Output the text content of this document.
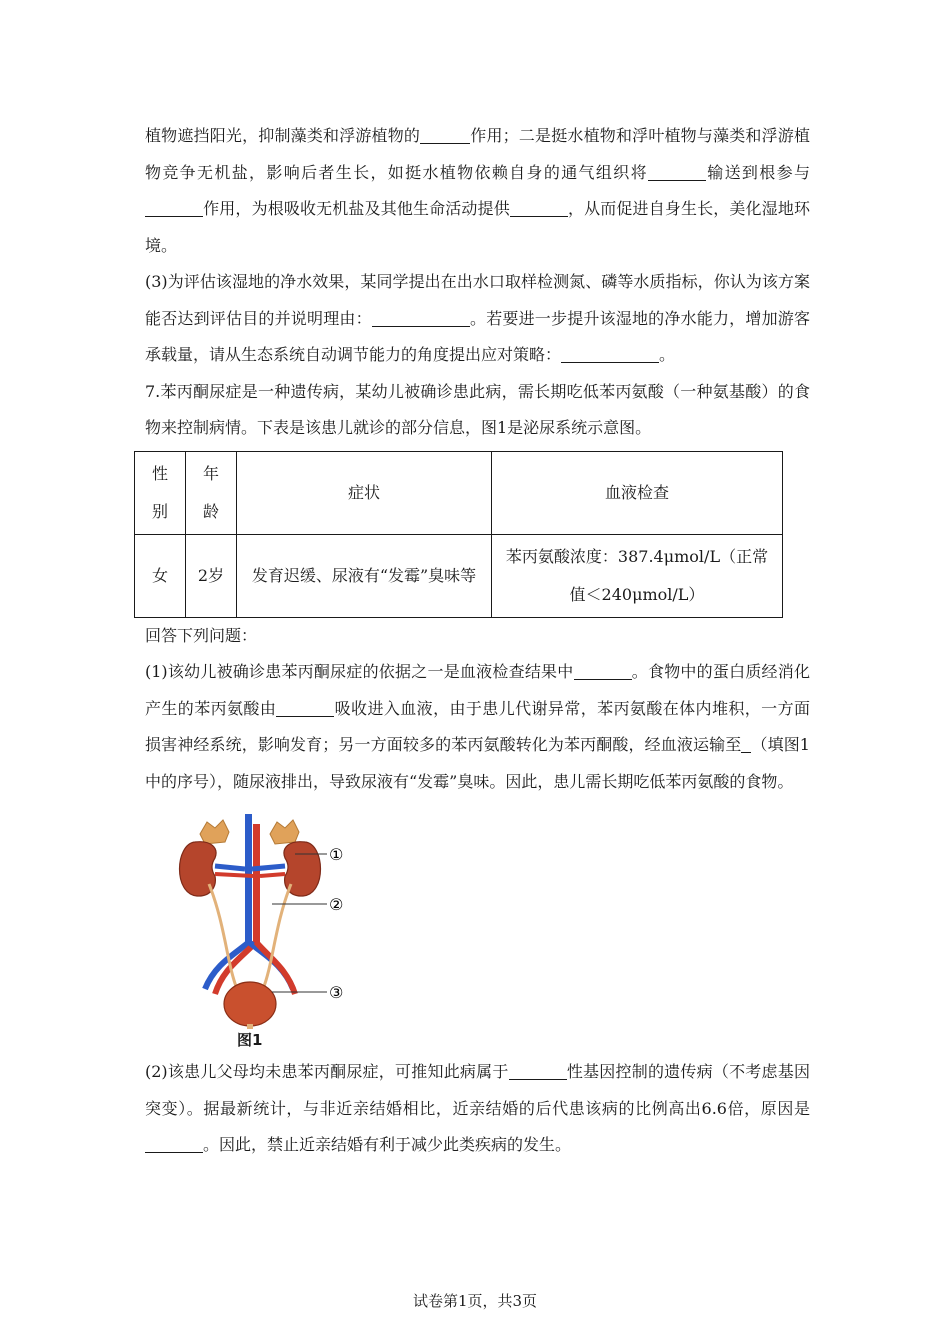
植物遮挡阳光，抑制藻类和浮游植物的	作用；二是挺水植物和浮叶植物与藻类和浮游植物竞争无机盐，影响后者生长，如挺水植物依赖自身的通气组织将	输送到根参与作用，为根吸收无机盐及其他生命活动提供	，从而促进自身生长，美化湿地环境。

(3)为评估该湿地的净水效果，某同学提出在出水口取样检测氮、磷等水质指标，你认为该方案能否达到评估目的并说明理由：	。若要进一步提升该湿地的净水能力，增加游客承载量，请从生态系统自动调节能力的角度提出应对策略：	。

7.苯丙酮尿症是一种遗传病，某幼儿被确诊患此病，需长期吃低苯丙氨酸（一种氨基酸）的食物来控制病情。下表是该患儿就诊的部分信息，图1是泌尿系统示意图。

性别	年龄	症状	血液检查
女	2岁	发育迟缓、尿液有“发霉”臭味等	苯丙氨酸浓度：387.4μmol/L（正常值＜240μmol/L）

回答下列问题：

(1)该幼儿被确诊患苯丙酮尿症的依据之一是血液检查结果中	。食物中的蛋白质经消化产生的苯丙氨酸由	吸收进入血液，由于患儿代谢异常，苯丙氨酸在体内堆积，一方面损害神经系统，影响发育；另一方面较多的苯丙氨酸转化为苯丙酮酸，经血液运输至 （填图1中的序号），随尿液排出，导致尿液有“发霉”臭味。因此，患儿需长期吃低苯丙氨酸的食物。

①
②
③
图1

(2)该患儿父母均未患苯丙酮尿症，可推知此病属于	性基因控制的遗传病（不考虑基因突变）。据最新统计，与非近亲结婚相比，近亲结婚的后代患该病的比例高出6.6倍，原因是。因此，禁止近亲结婚有利于减少此类疾病的发生。

试卷第1页，共3页
